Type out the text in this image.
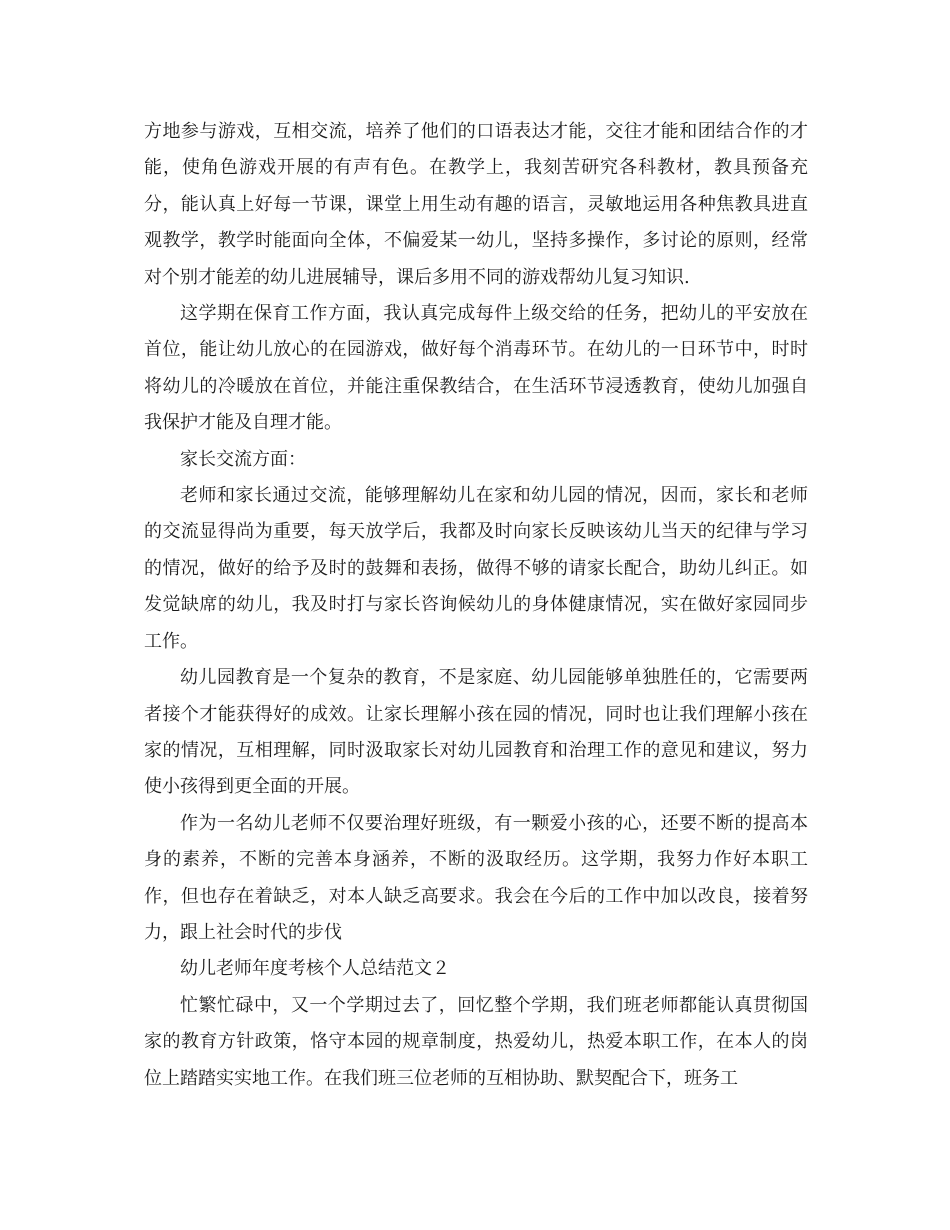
方地参与游戏，互相交流，培养了他们的口语表达才能，交往才能和团结合作的才能，使角色游戏开展的有声有色。在教学上，我刻苦研究各科教材，教具预备充分，能认真上好每一节课，课堂上用生动有趣的语言，灵敏地运用各种焦教具进直观教学，教学时能面向全体，不偏爱某一幼儿，坚持多操作，多讨论的原则，经常对个别才能差的幼儿进展辅导，课后多用不同的游戏帮幼儿复习知识.

这学期在保育工作方面，我认真完成每件上级交给的任务，把幼儿的平安放在首位，能让幼儿放心的在园游戏，做好每个消毒环节。在幼儿的一日环节中，时时将幼儿的冷暖放在首位，并能注重保教结合，在生活环节浸透教育，使幼儿加强自我保护才能及自理才能。

家长交流方面：

老师和家长通过交流，能够理解幼儿在家和幼儿园的情况，因而，家长和老师的交流显得尚为重要，每天放学后，我都及时向家长反映该幼儿当天的纪律与学习的情况，做好的给予及时的鼓舞和表扬，做得不够的请家长配合，助幼儿纠正。如发觉缺席的幼儿，我及时打与家长咨询候幼儿的身体健康情况，实在做好家园同步工作。

幼儿园教育是一个复杂的教育，不是家庭、幼儿园能够单独胜任的，它需要两者接个才能获得好的成效。让家长理解小孩在园的情况，同时也让我们理解小孩在家的情况，互相理解，同时汲取家长对幼儿园教育和治理工作的意见和建议，努力使小孩得到更全面的开展。

作为一名幼儿老师不仅要治理好班级，有一颗爱小孩的心，还要不断的提高本身的素养，不断的完善本身涵养，不断的汲取经历。这学期，我努力作好本职工作，但也存在着缺乏，对本人缺乏高要求。我会在今后的工作中加以改良，接着努力，跟上社会时代的步伐

幼儿老师年度考核个人总结范文２

忙繁忙碌中，又一个学期过去了，回忆整个学期，我们班老师都能认真贯彻国家的教育方针政策，恪守本园的规章制度，热爱幼儿，热爱本职工作，在本人的岗位上踏踏实实地工作。在我们班三位老师的互相协助、默契配合下，班务工
